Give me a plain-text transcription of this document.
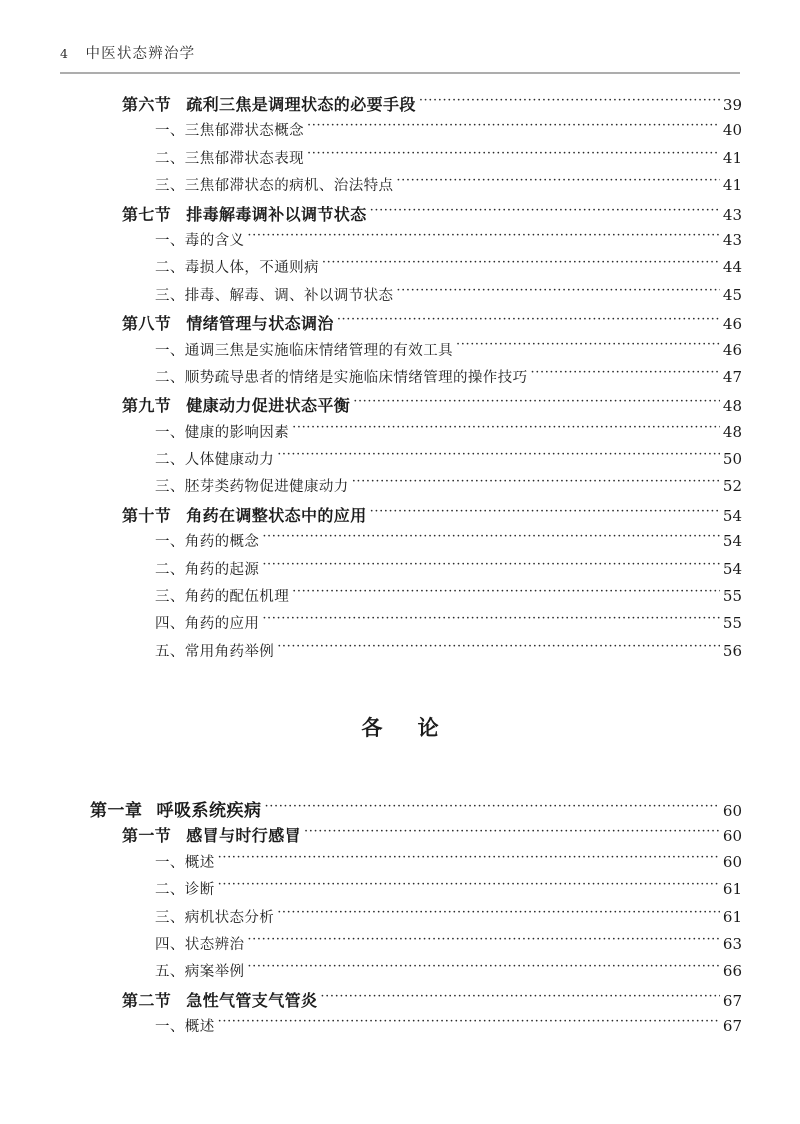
4 中医状态辨治学
第六节 疏利三焦是调理状态的必要手段 ·····	39
一、三焦郁滞状态概念 ·····	40
二、三焦郁滞状态表现 ·····	41
三、三焦郁滞状态的病机、治法特点 ·····	41
第七节 排毒解毒调补以调节状态 ·····	43
一、毒的含义 ·····	43
二、毒损人体，不通则病 ·····	44
三、排毒、解毒、调、补以调节状态 ·····	45
第八节 情绪管理与状态调治 ·····	46
一、通调三焦是实施临床情绪管理的有效工具 ·····	46
二、顺势疏导患者的情绪是实施临床情绪管理的操作技巧 ·····	47
第九节 健康动力促进状态平衡 ·····	48
一、健康的影响因素 ·····	48
二、人体健康动力 ·····	50
三、胚芽类药物促进健康动力 ·····	52
第十节 角药在调整状态中的应用 ·····	54
一、角药的概念 ·····	54
二、角药的起源 ·····	54
三、角药的配伍机理 ·····	55
四、角药的应用 ·····	55
五、常用角药举例 ·····	56
各 论
第一章 呼吸系统疾病 ·····	60
第一节 感冒与时行感冒 ·····	60
一、概述 ·····	60
二、诊断 ·····	61
三、病机状态分析 ·····	61
四、状态辨治 ·····	63
五、病案举例 ·····	66
第二节 急性气管支气管炎 ·····	67
一、概述 ·····	67
